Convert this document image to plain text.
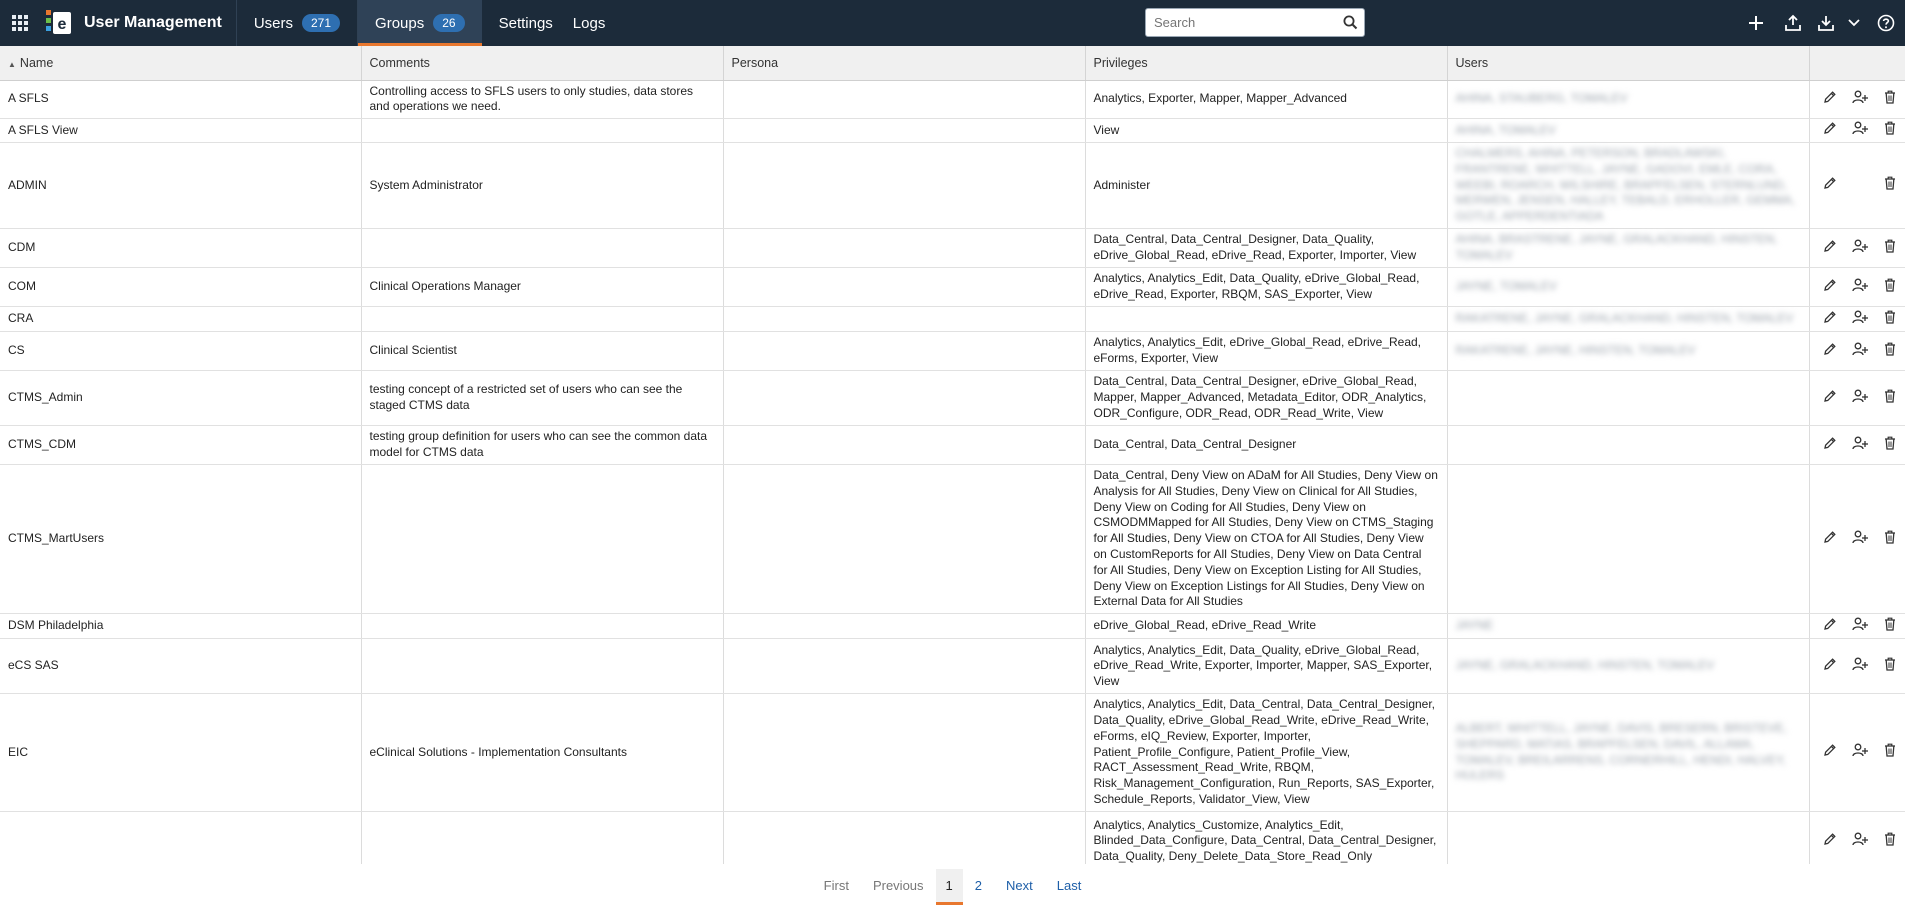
e User Management Users	271	Groups	26	Settings Logs
Search
▲ Name	Comments	Persona	Privileges	Users	
A SFLS	Controlling access to SFLS users to only studies, data stores and operations we need.		Analytics, Exporter, Mapper, Mapper_Advanced	AHINA, STAUBERG, TOMALEV	

A SFLS View			View	AHINA, TOMALEV	

ADMIN	System Administrator		Administer	CHALMERS, AHINA, PETERSON, BRADLAWSKI, FRANTRENE, WHITTELL, JAYNE, GADOVI, EMLE, CORA, WEEBI, ROARCH, WILSHIRE, BRAPFELSEN, STERNLUND, MERWEN, JENSEN, HALLEY, TEBALD, ERHOLLER, GEMMA, GOTLE, APPERDENTIADA	

CDM			Data_Central, Data_Central_Designer, Data_Quality, eDrive_Global_Read, eDrive_Read, Exporter, Importer, View	AHINA, BRASTRENE, JAYNE, GRALACKHAND, HINSTEN, TOMALEV	

COM	Clinical Operations Manager		Analytics, Analytics_Edit, Data_Quality, eDrive_Global_Read, eDrive_Read, Exporter, RBQM, SAS_Exporter, View	JAYNE, TOMALEV	

CRA				RAKATRENE, JAYNE, GRALACKHAND, HINSTEN, TOMALEV	

CS	Clinical Scientist		Analytics, Analytics_Edit, eDrive_Global_Read, eDrive_Read, eForms, Exporter, View	RAKATRENE, JAYNE, HINSTEN, TOMALEV	

CTMS_Admin	testing concept of a restricted set of users who can see the staged CTMS data		Data_Central, Data_Central_Designer, eDrive_Global_Read, Mapper, Mapper_Advanced, Metadata_Editor, ODR_Analytics, ODR_Configure, ODR_Read, ODR_Read_Write, View		

CTMS_CDM	testing group definition for users who can see the common data model for CTMS data		Data_Central, Data_Central_Designer		

CTMS_MartUsers			Data_Central, Deny View on ADaM for All Studies, Deny View on Analysis for All Studies, Deny View on Clinical for All Studies, Deny View on Coding for All Studies, Deny View on CSMODMMapped for All Studies, Deny View on CTMS_Staging for All Studies, Deny View on CTOA for All Studies, Deny View on CustomReports for All Studies, Deny View on Data Central for All Studies, Deny View on Exception Listing for All Studies, Deny View on Exception Listings for All Studies, Deny View on External Data for All Studies		

DSM Philadelphia			eDrive_Global_Read, eDrive_Read_Write	JAYNE	

eCS SAS			Analytics, Analytics_Edit, Data_Quality, eDrive_Global_Read, eDrive_Read_Write, Exporter, Importer, Mapper, SAS_Exporter, View	JAYNE, GRALACKHAND, HINSTEN, TOMALEV	

EIC	eClinical Solutions - Implementation Consultants		Analytics, Analytics_Edit, Data_Central, Data_Central_Designer, Data_Quality, eDrive_Global_Read_Write, eDrive_Read_Write, eForms, eIQ_Review, Exporter, Importer, Patient_Profile_Configure, Patient_Profile_View, RACT_Assessment_Read_Write, RBQM, Risk_Management_Configuration, Run_Reports, SAS_Exporter, Schedule_Reports, Validator_View, View	ALBERT, WHITTELL, JAYNE, DAVIS, BRESERN, BRISTEVE, SHEPPARD, MATIAS, BRAPFELSEN, DAVIL, ALLAMA, TOMALEV, BREILARRENS, CORNERHILL, HENDI, HALVEY, HULERS	

			Analytics, Analytics_Customize, Analytics_Edit, Blinded_Data_Configure, Data_Central, Data_Central_Designer, Data_Quality, Deny_Delete_Data_Store_Read_Only		
First	Previous	1	2	Next	Last
